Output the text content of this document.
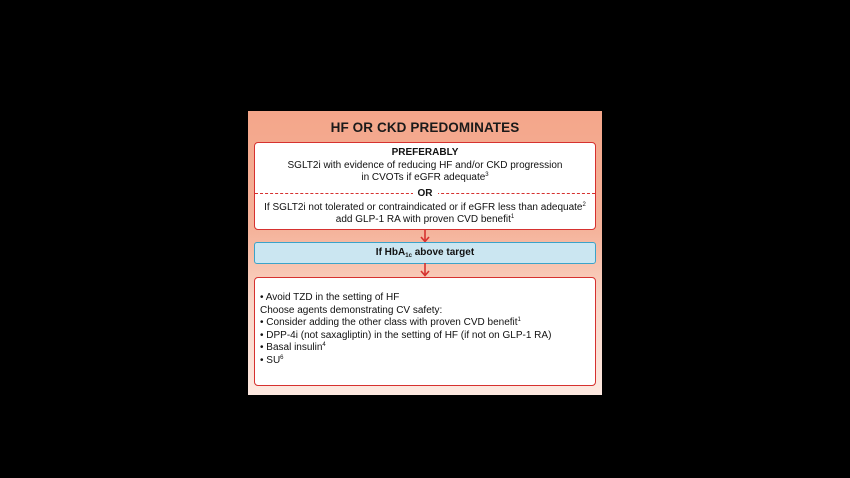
HF OR CKD PREDOMINATES
PREFERABLY
SGLT2i with evidence of reducing HF and/or CKD progression
in CVOTs if eGFR adequate$^3$
OR
If SGLT2i not tolerated or contraindicated or if eGFR less than adequate$^2$
add GLP-1 RA with proven CVD benefit$^1$
If HbA$_{1c}$ above target
• Avoid TZD in the setting of HF
Choose agents demonstrating CV safety:
• Consider adding the other class with proven CVD benefit$^1$
• DPP-4i (not saxagliptin) in the setting of HF (if not on GLP-1 RA)
• Basal insulin$^4$
• $SU^6$
